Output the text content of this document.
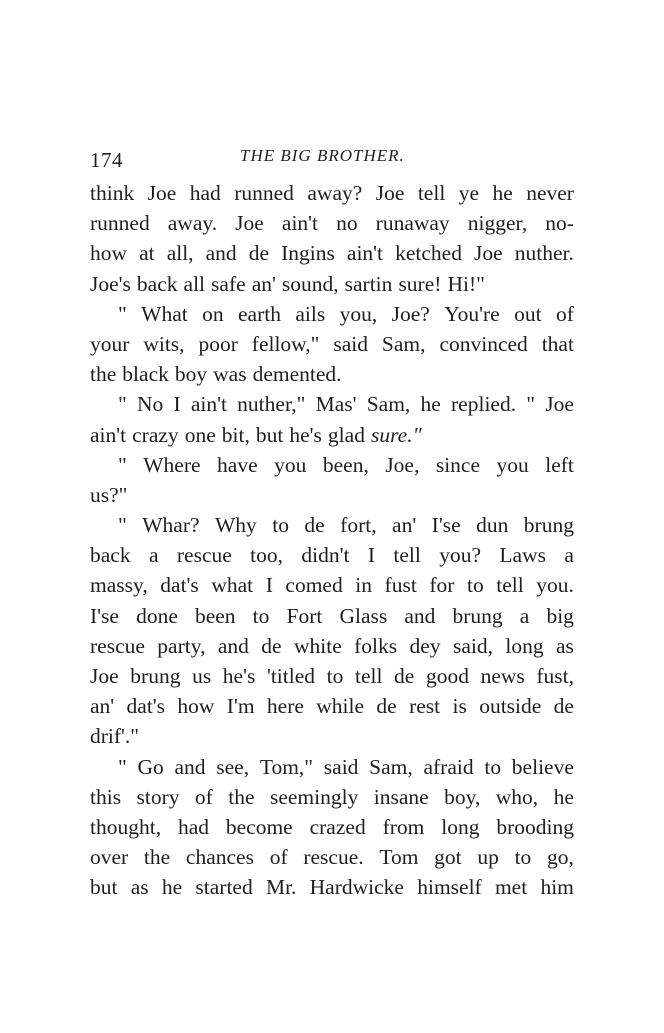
174	THE BIG BROTHER.
think Joe had runned away? Joe tell ye he never
runned away. Joe ain't no runaway nigger, no-
how at all, and de Ingins ain't ketched Joe nuther.
Joe's back all safe an' sound, sartin sure! Hi!"
" What on earth ails you, Joe? You're out of
your wits, poor fellow," said Sam, convinced that
the black boy was demented.
" No I ain't nuther," Mas' Sam, he replied. " Joe
ain't crazy one bit, but he's glad sure."
" Where have you been, Joe, since you left
us?"
" Whar? Why to de fort, an' I'se dun brung
back a rescue too, didn't I tell you? Laws a
massy, dat's what I comed in fust for to tell you.
I'se done been to Fort Glass and brung a big
rescue party, and de white folks dey said, long as
Joe brung us he's 'titled to tell de good news fust,
an' dat's how I'm here while de rest is outside de
drif'."
" Go and see, Tom," said Sam, afraid to believe
this story of the seemingly insane boy, who, he
thought, had become crazed from long brooding
over the chances of rescue. Tom got up to go,
but as he started Mr. Hardwicke himself met him
